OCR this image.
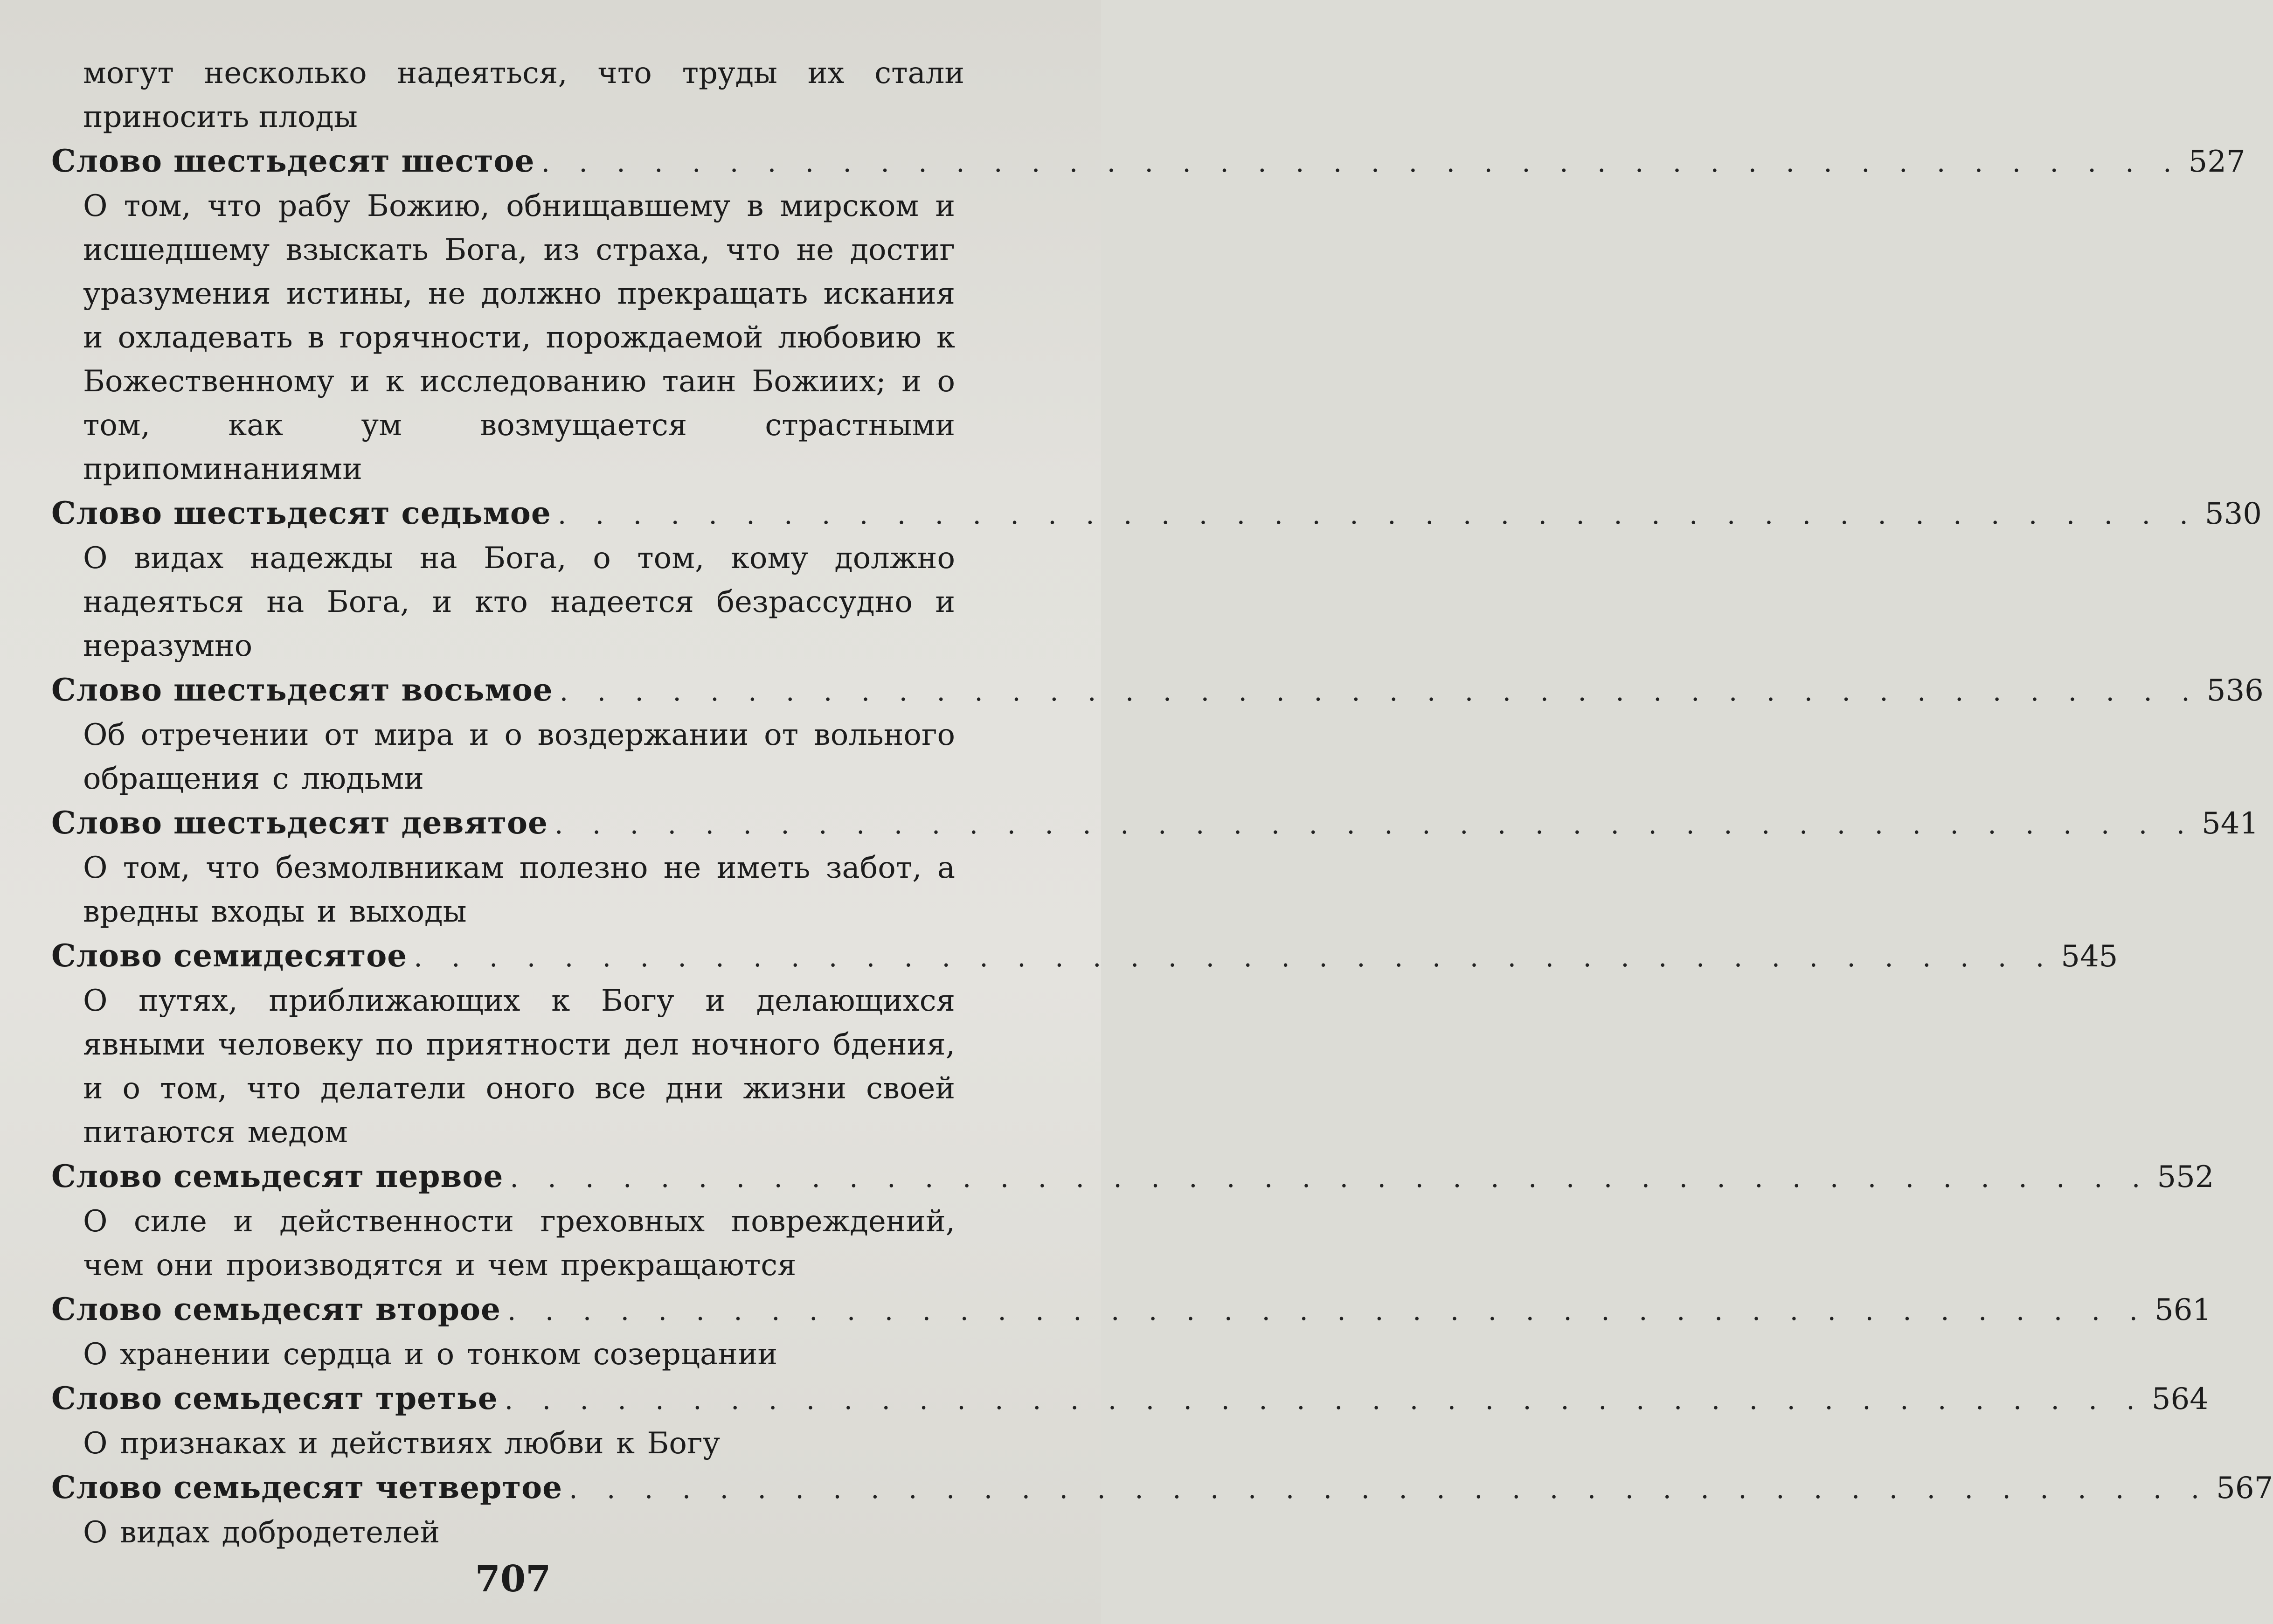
могут несколько надеяться, что труды их стали приносить плоды
Слово шестьдесят шестое . . . . . . . . . . . . . . . . . . . . . . . . . . . . . . . . . . . . . . . . . . . . 527
О том, что рабу Божию, обнищавшему в мирском и исшедшему взыскать Бога, из страха, что не достиг уразумения истины, не должно прекращать искания и охладевать в горячности, порождаемой любовию к Божественному и к исследованию таин Божиих; и о том, как ум возмущается страстными припоминаниями
Слово шестьдесят седьмое . . . . . . . . . . . . . . . . . . . . . . . . . . . . . . . . . . . . . . . . . . . . 530
О видах надежды на Бога, о том, кому должно надеяться на Бога, и кто надеется безрассудно и неразумно
Слово шестьдесят восьмое . . . . . . . . . . . . . . . . . . . . . . . . . . . . . . . . . . . . . . . . . . . . 536
Об отречении от мира и о воздержании от вольного обращения с людьми
Слово шестьдесят девятое . . . . . . . . . . . . . . . . . . . . . . . . . . . . . . . . . . . . . . . . . . . . 541
О том, что безмолвникам полезно не иметь забот, а вредны входы и выходы
Слово семидесятое . . . . . . . . . . . . . . . . . . . . . . . . . . . . . . . . . . . . . . . . . . . . 545
О путях, приближающих к Богу и делающихся явными человеку по приятности дел ночного бдения, и о том, что делатели оного все дни жизни своей питаются медом
Слово семьдесят первое . . . . . . . . . . . . . . . . . . . . . . . . . . . . . . . . . . . . . . . . . . . . 552
О силе и действенности греховных повреждений, чем они производятся и чем прекращаются
Слово семьдесят второе . . . . . . . . . . . . . . . . . . . . . . . . . . . . . . . . . . . . . . . . . . . . 561
О хранении сердца и о тонком созерцании
Слово семьдесят третье . . . . . . . . . . . . . . . . . . . . . . . . . . . . . . . . . . . . . . . . . . . . 564
О признаках и действиях любви к Богу
Слово семьдесят четвертое . . . . . . . . . . . . . . . . . . . . . . . . . . . . . . . . . . . . . . . . . . . . 567
О видах добродетелей
707
